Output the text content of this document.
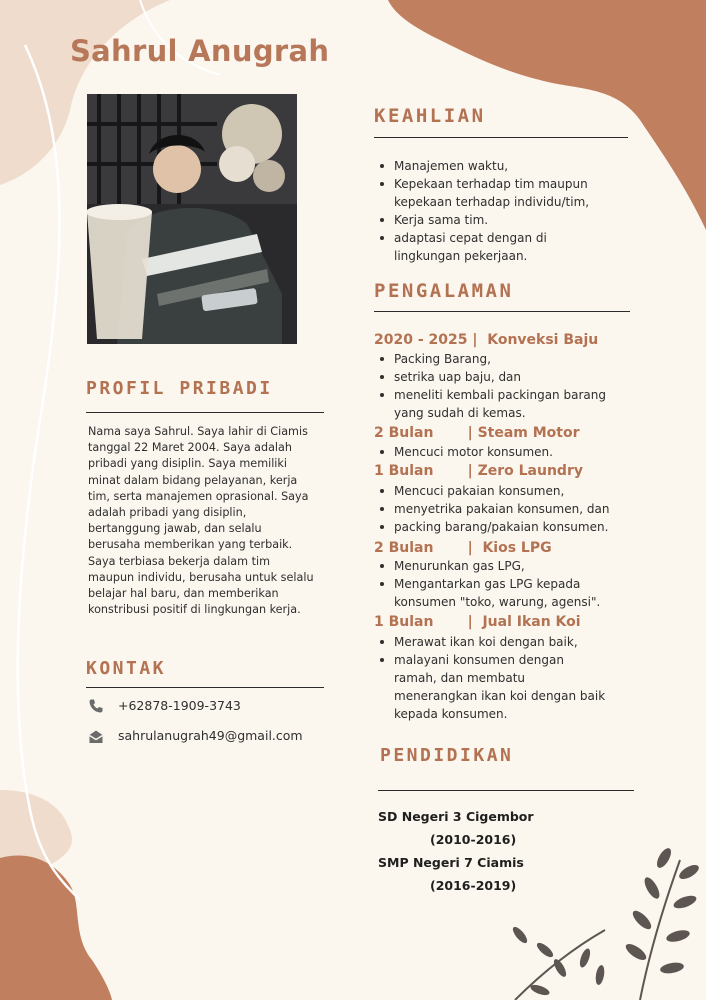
Sahrul Anugrah
KEAHLIAN
Manajemen waktu,
Kepekaan terhadap tim maupun kepekaan terhadap individu/tim,
Kerja sama tim.
adaptasi cepat dengan di lingkungan pekerjaan.
PENGALAMAN
2020 - 2025 |  Konveksi Baju
Packing Barang,
setrika uap baju, dan
meneliti kembali packingan barang yang sudah di kemas.
2 Bulan       | Steam Motor
Mencuci motor konsumen.
1 Bulan       | Zero Laundry
Mencuci pakaian konsumen,
menyetrika pakaian konsumen, dan
packing barang/pakaian konsumen.
2 Bulan       |  Kios LPG
Menurunkan gas LPG,
Mengantarkan gas LPG kepada konsumen "toko, warung, agensi".
1 Bulan       |  Jual Ikan Koi
Merawat ikan koi dengan baik,
malayani konsumen dengan ramah, dan membatu menerangkan ikan koi dengan baik kepada konsumen.
PROFIL PRIBADI
Nama saya Sahrul. Saya lahir di Ciamis tanggal 22 Maret 2004. Saya adalah pribadi yang disiplin. Saya memiliki minat dalam bidang pelayanan, kerja tim, serta manajemen oprasional. Saya adalah pribadi yang disiplin, bertanggung jawab, dan selalu berusaha memberikan yang terbaik. Saya terbiasa bekerja dalam tim maupun individu, berusaha untuk selalu belajar hal baru, dan memberikan konstribusi positif di lingkungan kerja.
KONTAK
+62878-1909-3743
sahrulanugrah49@gmail.com
PENDIDIKAN
SD Negeri 3 Cigembor
(2010-2016)
SMP Negeri 7 Ciamis
(2016-2019)
